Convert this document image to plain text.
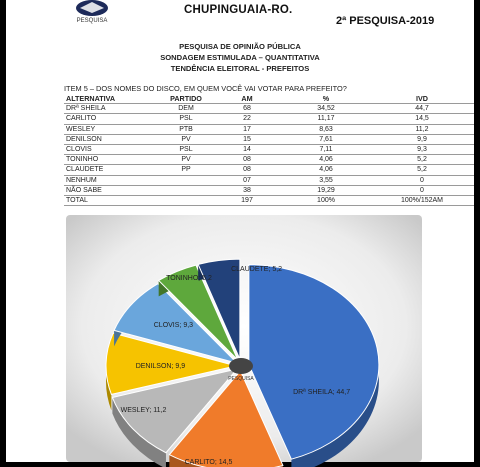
PESQUISA
CHUPINGUAIA-RO.
2ª PESQUISA-2019
PESQUISA DE OPINIÃO PÚBLICA
SONDAGEM ESTIMULADA – QUANTITATIVA
TENDÊNCIA ELEITORAL - PREFEITOS
ITEM 5 – DOS NOMES DO DISCO, EM QUEM VOCÊ VAI VOTAR PARA PREFEITO?
ALTERNATIVA	PARTIDO	AM	%	IVD
DRª SHEILA	DEM	68	34,52	44,7
CARLITO	PSL	22	11,17	14,5
WESLEY	PTB	17	8,63	11,2
DENILSON	PV	15	7,61	9,9
CLOVIS	PSL	14	7,11	9,3
TONINHO	PV	08	4,06	5,2
CLAUDETE	PP	08	4,06	5,2
NENHUM		07	3,55	0
NÃO SABE		38	19,29	0
TOTAL		197	100%	100%/152AM
DRª SHEILA; 44,7
CARLITO; 14,5
WESLEY; 11,2
DENILSON; 9,9
CLOVIS; 9,3
TONINHO; 5,2
CLAUDETE; 5,2
PESQUISA
